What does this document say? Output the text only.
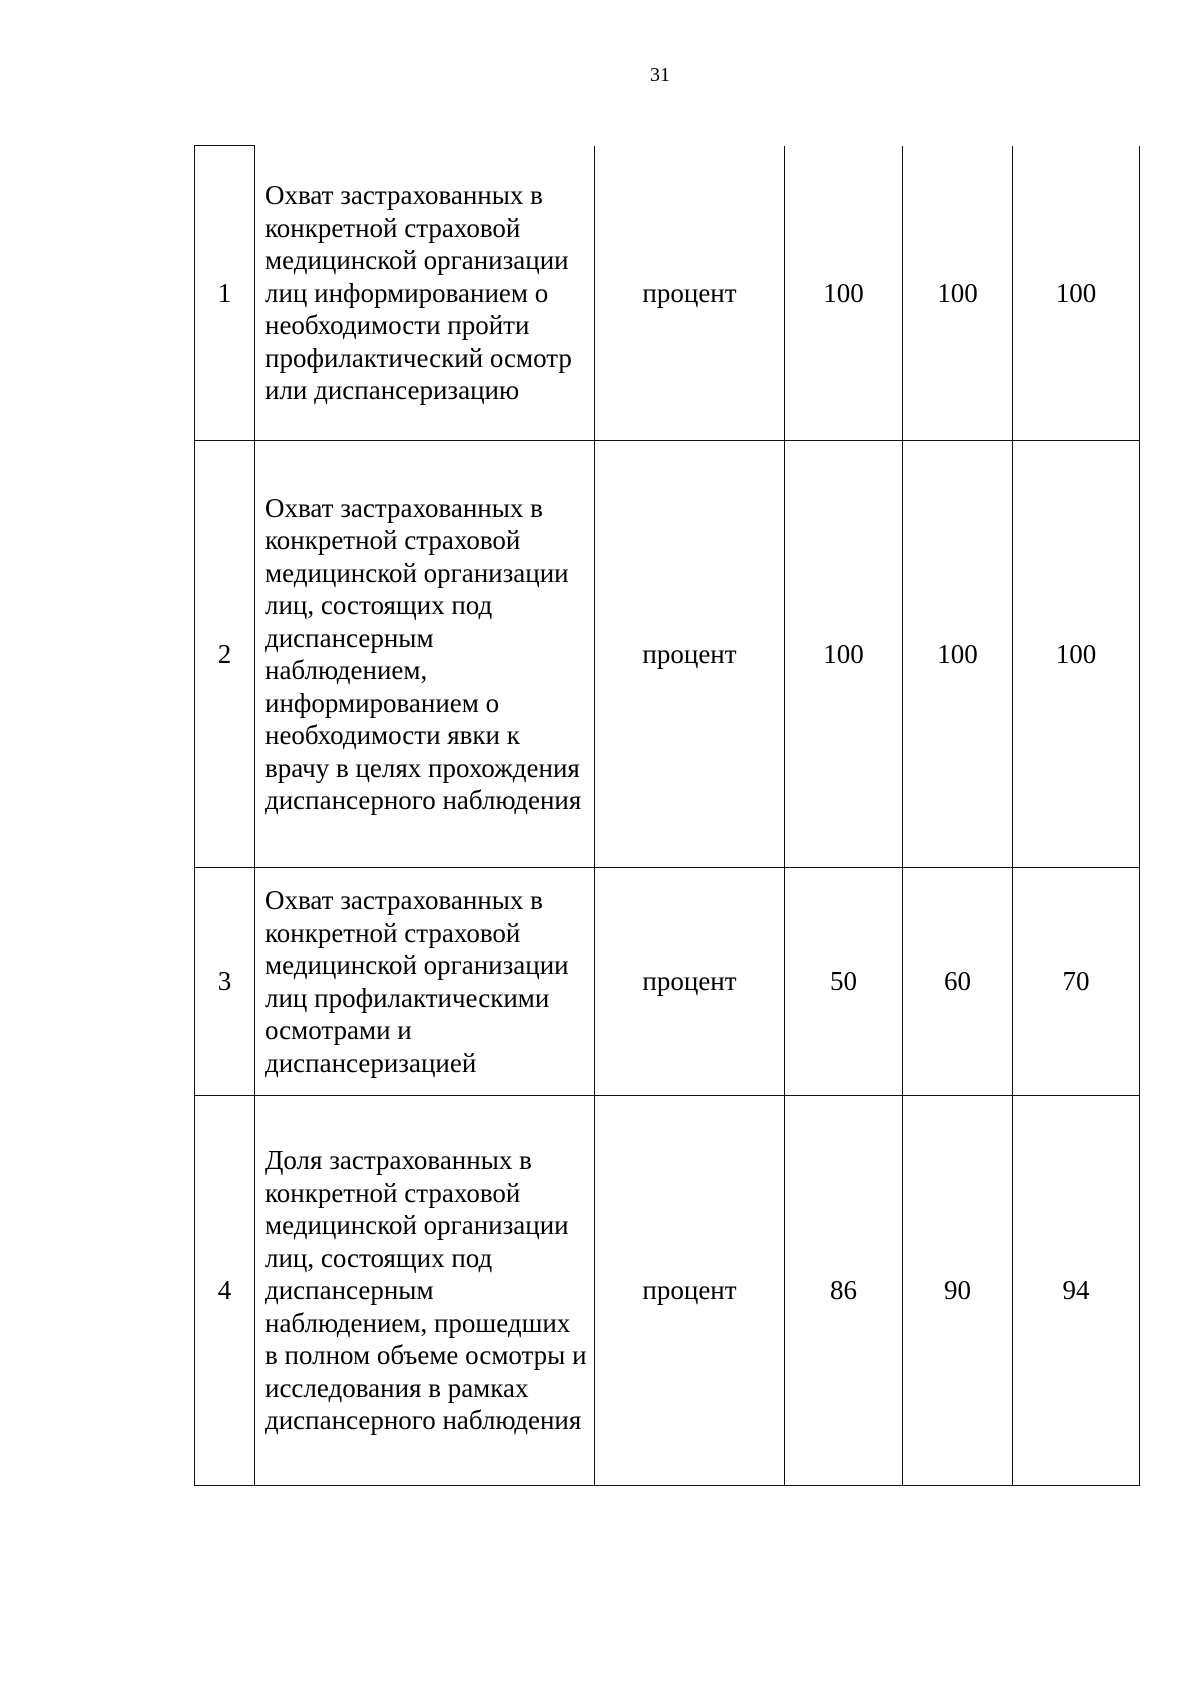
31
1	Охват застрахованных в конкретной страховой медицинской организации лиц информированием о необходимости пройти профилактический осмотр или диспансеризацию	процент	100	100	100
2	Охват застрахованных в конкретной страховой медицинской организации лиц, состоящих под диспансерным наблюдением, информированием о необходимости явки к врачу в целях прохождения диспансерного наблюдения	процент	100	100	100
3	Охват застрахованных в конкретной страховой медицинской организации лиц профилактическими осмотрами и диспансеризацией	процент	50	60	70
4	Доля застрахованных в конкретной страховой медицинской организации лиц, состоящих под диспансерным наблюдением, прошедших в полном объеме осмотры и исследования в рамках диспансерного наблюдения	процент	86	90	94
